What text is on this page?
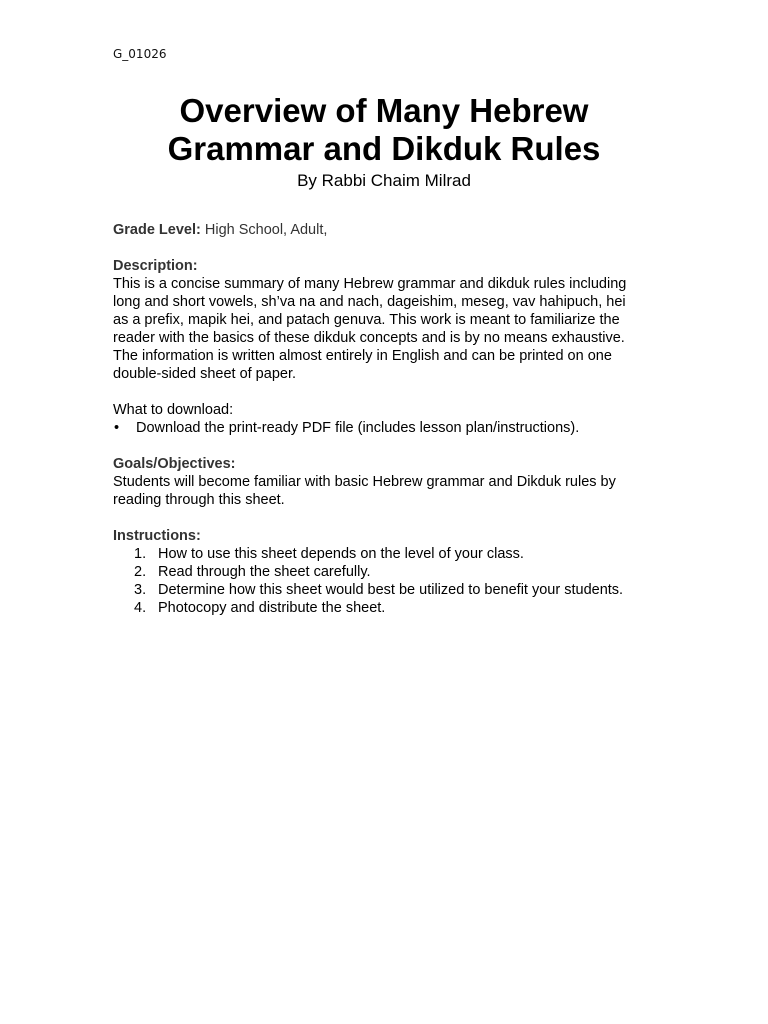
G_01026
Overview of Many Hebrew
Grammar and Dikduk Rules
By Rabbi Chaim Milrad

Grade Level: High School, Adult,

Description:

This is a concise summary of many Hebrew grammar and dikduk rules including
long and short vowels, sh’va na and nach, dageishim, meseg, vav hahipuch, hei
as a prefix, mapik hei, and patach genuva. This work is meant to familiarize the
reader with the basics of these dikduk concepts and is by no means exhaustive.
The information is written almost entirely in English and can be printed on one
double-sided sheet of paper.

What to download:

• Download the print-ready PDF file (includes lesson plan/instructions).

Goals/Objectives:

Students will become familiar with basic Hebrew grammar and Dikduk rules by
reading through this sheet.

Instructions:

1. How to use this sheet depends on the level of your class.
2. Read through the sheet carefully.
3. Determine how this sheet would best be utilized to benefit your students.
4. Photocopy and distribute the sheet.
